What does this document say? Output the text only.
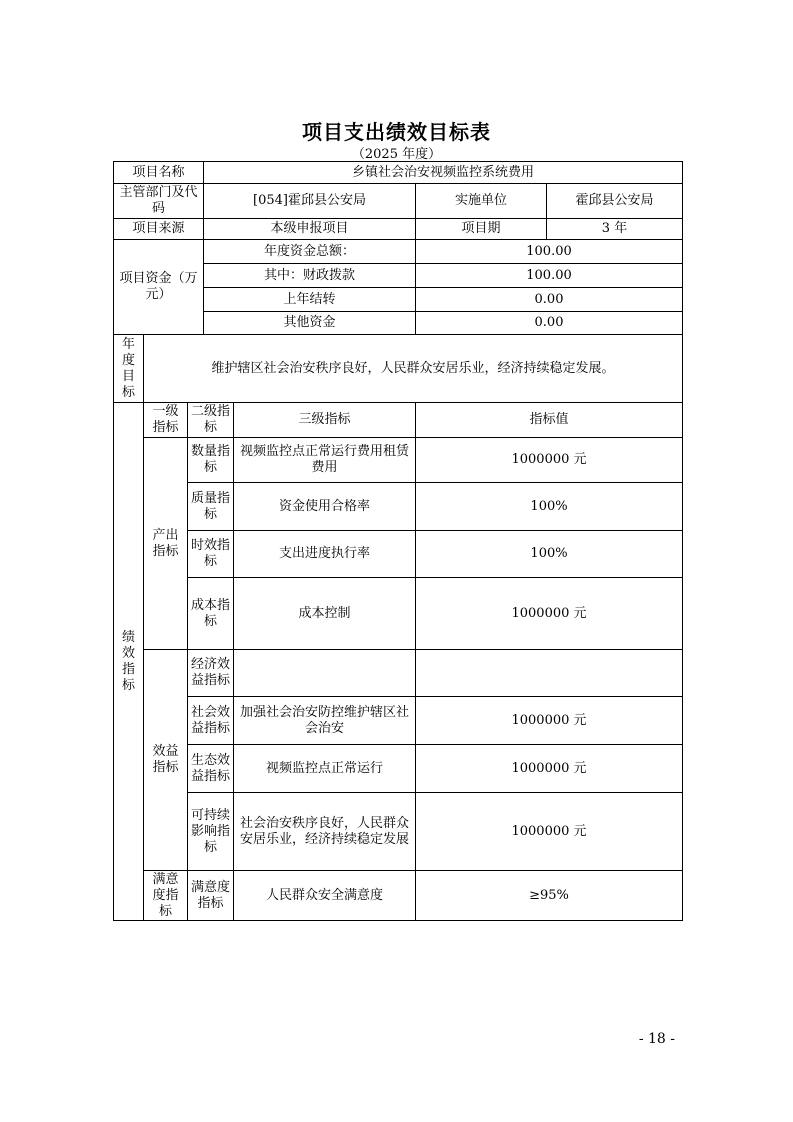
项目支出绩效目标表
（2025 年度）
项目名称			乡镇社会治安视频监控系统费用			
主管部门及代码			[054]霍邱县公安局		实施单位	霍邱县公安局
项目来源			本级申报项目		项目期	3 年
项目资金（万元）			年度资金总额：		100.00	
			其中：财政拨款		100.00	
			上年结转		0.00	
			其他资金		0.00	
年度目标	维护辖区社会治安秩序良好，人民群众安居乐业，经济持续稳定发展。					
绩效指标	一级指标	二级指标		三级指标	指标值	
	产出指标	数量指标		视频监控点正常运行费用租赁费用	1000000 元	
		质量指标		资金使用合格率	100%	
		时效指标		支出进度执行率	100%	
		成本指标		成本控制	1000000 元	
	效益指标	经济效益指标				
		社会效益指标		加强社会治安防控维护辖区社会治安	1000000 元	
		生态效益指标		视频监控点正常运行	1000000 元	
		可持续影响指标		社会治安秩序良好，人民群众安居乐业，经济持续稳定发展	1000000 元	
	满意度指标	满意度指标		人民群众安全满意度	≥95%	
- 18 -
